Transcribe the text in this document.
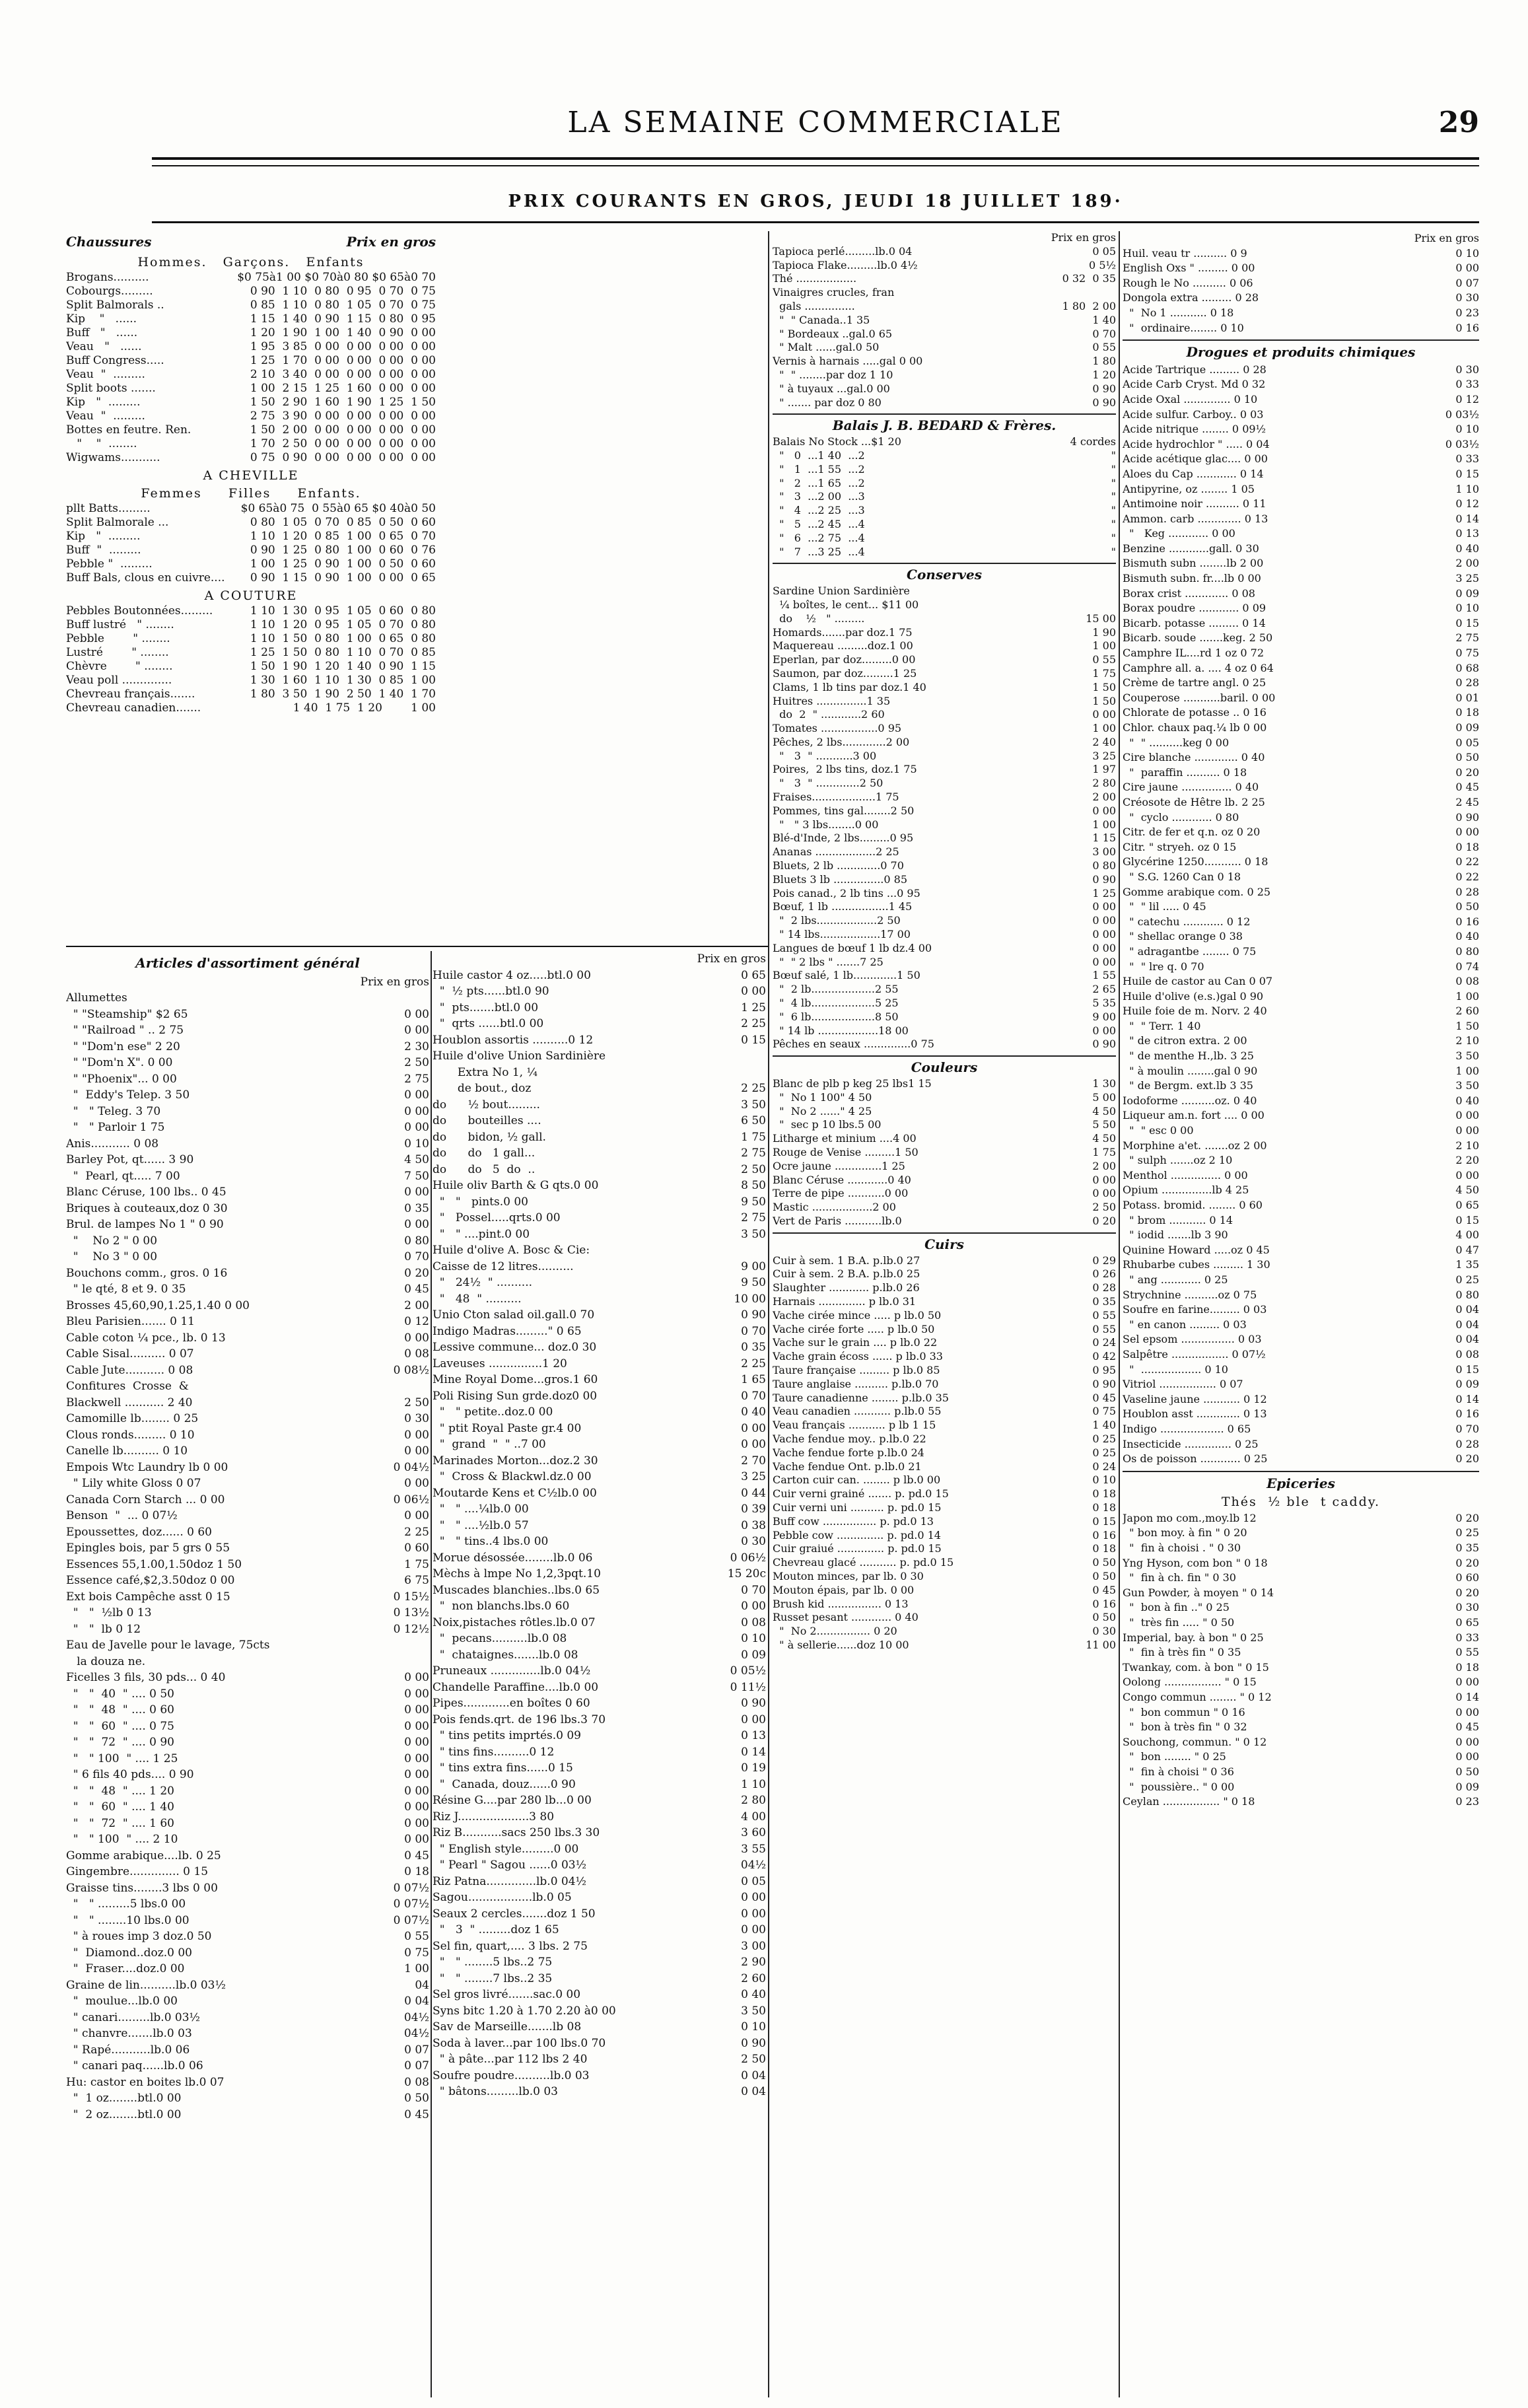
LA SEMAINE COMMERCIALE	29
PRIX COURANTS EN GROS, JEUDI 18 JUILLET 189·
Chaussures	Prix en gros
Hommes.   Garçons.   Enfants
Brogans..........	$0 75à1 00 $0 70à0 80 $0 65à0 70
Cobourgs.........	0 90  1 10  0 80  0 95  0 70  0 75
Split Balmorals ..	0 85  1 10  0 80  1 05  0 70  0 75
Kip    "   ......	1 15  1 40  0 90  1 15  0 80  0 95
Buff   "   ......	1 20  1 90  1 00  1 40  0 90  0 00
Veau   "   ......	1 95  3 85  0 00  0 00  0 00  0 00
Buff Congress.....	1 25  1 70  0 00  0 00  0 00  0 00
Veau  "  .........	2 10  3 40  0 00  0 00  0 00  0 00
Split boots .......	1 00  2 15  1 25  1 60  0 00  0 00
Kip   "  .........	1 50  2 90  1 60  1 90  1 25  1 50
Veau  "  .........	2 75  3 90  0 00  0 00  0 00  0 00
Bottes en feutre. Ren.	1 50  2 00  0 00  0 00  0 00  0 00
"    "  ........	1 70  2 50  0 00  0 00  0 00  0 00
Wigwams...........	0 75  0 90  0 00  0 00  0 00  0 00
A CHEVILLE
Femmes     Filles     Enfants.
pllt Batts.........	$0 65à0 75  0 55à0 65 $0 40à0 50
Split Balmorale ...	0 80  1 05  0 70  0 85  0 50  0 60
Kip   "  .........	1 10  1 20  0 85  1 00  0 65  0 70
Buff  "  .........	0 90  1 25  0 80  1 00  0 60  0 76
Pebble "  .........	1 00  1 25  0 90  1 00  0 50  0 60
Buff Bals, clous en cuivre.... 0 90  1 15  0 90  1 00  0 00  0 65
A COUTURE
Pebbles Boutonnées.........	1 10  1 30  0 95  1 05  0 60  0 80
Buff lustré   " ........	1 10  1 20  0 95  1 05  0 70  0 80
Pebble        " ........	1 10  1 50  0 80  1 00  0 65  0 80
Lustré        " ........	1 25  1 50  0 80  1 10  0 70  0 85
Chèvre        " ........	1 50  1 90  1 20  1 40  0 90  1 15
Veau poll ..............	1 30  1 60  1 10  1 30  0 85  1 00
Chevreau français.......	1 80  3 50  1 90  2 50  1 40  1 70
Chevreau canadien.......	1 40  1 75  1 20        1 00
Articles d'assortiment général
Prix en gros
Allumettes
" "Steamship" $2 65	0 00
" "Railroad " .. 2 75	0 00
" "Dom'n ese" 2 20	2 30
" "Dom'n X". 0 00	2 50
" "Phoenix"... 0 00	2 75
"  Eddy's Telep. 3 50	0 00
"   " Teleg. 3 70	0 00
"   " Parloir 1 75	0 00
Anis........... 0 08	0 10
Barley Pot, qt...... 3 90	4 50
"  Pearl, qt..... 7 00	7 50
Blanc Céruse, 100 lbs.. 0 45	0 00
Briques à couteaux,doz 0 30	0 35
Brul. de lampes No 1 " 0 90	0 00
"    No 2 " 0 00	0 80
"    No 3 " 0 00	0 70
Bouchons comm., gros. 0 16	0 20
" le qté, 8 et 9. 0 35	0 45
Brosses 45,60,90,1.25,1.40 0 00	2 00
Bleu Parisien....... 0 11	0 12
Cable coton ¼ pce., lb. 0 13	0 00
Cable Sisal.......... 0 07	0 08
Cable Jute........... 0 08	0 08½
Confitures  Crosse  &
Blackwell ........... 2 40	2 50
Camomille lb........ 0 25	0 30
Clous ronds......... 0 10	0 00
Canelle lb.......... 0 10	0 00
Empois Wtc Laundry lb 0 00	0 04½
" Lily white Gloss 0 07	0 00
Canada Corn Starch ... 0 00	0 06½
Benson  "  ... 0 07½	0 00
Epoussettes, doz...... 0 60	2 25
Epingles bois, par 5 grs 0 55	0 60
Essences 55,1.00,1.50doz 1 50	1 75
Essence café,$2,3.50doz 0 00	6 75
Ext bois Campêche asst 0 15	0 15½
"   "  ½lb 0 13	0 13½
"   "  lb 0 12	0 12½
Eau de Javelle pour le lavage, 75cts
la douza ne.
Ficelles 3 fils, 30 pds... 0 40	0 00
"   "  40  " .... 0 50	0 00
"   "  48  " .... 0 60	0 00
"   "  60  " .... 0 75	0 00
"   "  72  " .... 0 90	0 00
"   " 100  " .... 1 25	0 00
" 6 fils 40 pds.... 0 90	0 00
"   "  48  " .... 1 20	0 00
"   "  60  " .... 1 40	0 00
"   "  72  " .... 1 60	0 00
"   " 100  " .... 2 10	0 00
Gomme arabique....lb. 0 25	0 45
Gingembre.............. 0 15	0 18
Graisse tins........3 lbs 0 00	0 07½
"   " .........5 lbs.0 00	0 07½
"   " ........10 lbs.0 00	0 07½
" à roues imp 3 doz.0 50	0 55
"  Diamond..doz.0 00	0 75
"  Fraser....doz.0 00	1 00
Graine de lin..........lb.0 03½	04
"  moulue...lb.0 00	0 04
" canari.........lb.0 03½	04½
" chanvre.......lb.0 03	04½
" Rapé...........lb.0 06	0 07
" canari paq......lb.0 06	0 07
Hu: castor en boites lb.0 07	0 08
"  1 oz........btl.0 00	0 50
"  2 oz........btl.0 00	0 45
Prix en gros
Huile castor 4 oz.....btl.0 00	0 65
"  ½ pts......btl.0 90	0 00
"  pts.......btl.0 00	1 25
"  qrts ......btl.0 00	2 25
Houblon assortis ..........0 12	0 15
Huile d'olive Union Sardinière
Extra No 1, ¼
de bout., doz	2 25
do      ½ bout.........	3 50
do      bouteilles ....	6 50
do      bidon, ½ gall.	1 75
do      do   1 gall...	2 75
do      do   5  do  ..	2 50
Huile oliv Barth & G qts.0 00	8 50
"   "   pints.0 00	9 50
"   Possel.....qrts.0 00	2 75
"   " ....pint.0 00	3 50
Huile d'olive A. Bosc & Cie:
Caisse de 12 litres..........	9 00
"   24½  " ..........	9 50
"   48  " ..........	10 00
Unio Cton salad oil.gall.0 70	0 90
Indigo Madras........." 0 65	0 70
Lessive commune... doz.0 30	0 35
Laveuses ...............1 20	2 25
Mine Royal Dome...gros.1 60	1 65
Poli Rising Sun grde.doz0 00	0 70
"   " petite..doz.0 00	0 40
" ptit Royal Paste gr.4 00	0 00
"  grand  "  " ..7 00	0 00
Marinades Morton...doz.2 30	2 70
"  Cross & Blackwl.dz.0 00	3 25
Moutarde Kens et C½lb.0 00	0 44
"   " ....¼lb.0 00	0 39
"   " ....½lb.0 57	0 38
"   " tins..4 lbs.0 00	0 30
Morue désossée........lb.0 06	0 06½
Mèchs à lmpe No 1,2,3pqt.10	15 20c
Muscades blanchies..lbs.0 65	0 70
"  non blanchs.lbs.0 60	0 00
Noix,pistaches rôtles.lb.0 07	0 08
"  pecans..........lb.0 08	0 10
"  chataignes.......lb.0 08	0 09
Pruneaux ..............lb.0 04½	0 05½
Chandelle Paraffine....lb.0 00	0 11½
Pipes.............en boîtes 0 60	0 90
Pois fends.qrt. de 196 lbs.3 70	0 00
" tins petits imprtés.0 09	0 13
" tins fins..........0 12	0 14
" tins extra fins......0 15	0 19
"  Canada, douz......0 90	1 10
Résine G....par 280 lb...0 00	2 80
Riz J....................3 80	4 00
Riz B...........sacs 250 lbs.3 30	3 60
" English style.........0 00	3 55
" Pearl " Sagou ......0 03½	04½
Riz Patna..............lb.0 04½	0 05
Sagou..................lb.0 05	0 00
Seaux 2 cercles.......doz 1 50	0 00
"   3  " .........doz 1 65	0 00
Sel fin, quart,.... 3 lbs. 2 75	3 00
"   " ........5 lbs..2 75	2 90
"   " ........7 lbs..2 35	2 60
Sel gros livré.......sac.0 00	0 40
Syns bitc 1.20 à 1.70 2.20 à0 00	3 50
Sav de Marseille.......lb 08	0 10
Soda à laver...par 100 lbs.0 70	0 90
" à pâte...par 112 lbs 2 40	2 50
Soufre poudre..........lb.0 03	0 04
" bâtons.........lb.0 03	0 04
Prix en gros
Tapioca perlé.........lb.0 04	0 05
Tapioca Flake.........lb.0 4½	0 5½
Thé ..................	0 32  0 35
Vinaigres crucles, fran
gals ...............	1 80  2 00
"  " Canada..1 35	1 40
" Bordeaux ..gal.0 65	0 70
" Malt ......gal.0 50	0 55
Vernis à harnais .....gal 0 00	1 80
"  " ........par doz 1 10	1 20
" à tuyaux ...gal.0 00	0 90
" ....... par doz 0 80	0 90
Balais J. B. BEDARD & Frères.
Balais No Stock ...$1 20	4 cordes
"   0  ...1 40  ...2	"
"   1  ...1 55  ...2	"
"   2  ...1 65  ...2	"
"   3  ...2 00  ...3	"
"   4  ...2 25  ...3	"
"   5  ...2 45  ...4	"
"   6  ...2 75  ...4	"
"   7  ...3 25  ...4	"
Conserves
Sardine Union Sardinière
¼ boîtes, le cent... $11 00
do    ½   " .........	15 00
Homards.......par doz.1 75	1 90
Maquereau .........doz.1 00	1 00
Eperlan, par doz.........0 00	0 55
Saumon, par doz.........1 25	1 75
Clams, 1 lb tins par doz.1 40	1 50
Huitres ...............1 35	1 50
do  2  " ............2 60	0 00
Tomates .................0 95	1 00
Pêches, 2 lbs.............2 00	2 40
"   3  " ...........3 00	3 25
Poires,  2 lbs tins, doz.1 75	1 97
"   3  " .............2 50	2 80
Fraises...................1 75	2 00
Pommes, tins gal........2 50	0 00
"   " 3 lbs........0 00	1 00
Blé-d'Inde, 2 lbs.........0 95	1 15
Ananas ..................2 25	3 00
Bluets, 2 lb .............0 70	0 80
Bluets 3 lb ...............0 85	0 90
Pois canad., 2 lb tins ...0 95	1 25
Bœuf, 1 lb .................1 45	0 00
"  2 lbs..................2 50	0 00
" 14 lbs..................17 00	0 00
Langues de bœuf 1 lb dz.4 00	0 00
"  " 2 lbs " .......7 25	0 00
Bœuf salé, 1 lb.............1 50	1 55
"  2 lb...................2 55	2 65
"  4 lb...................5 25	5 35
"  6 lb...................8 50	9 00
" 14 lb ..................18 00	0 00
Pêches en seaux ..............0 75	0 90
Couleurs
Blanc de plb p keg 25 lbs1 15	1 30
"  No 1 100" 4 50	5 00
"  No 2 ......" 4 25	4 50
"  sec p 10 lbs.5 00	5 50
Litharge et minium ....4 00	4 50
Rouge de Venise .........1 50	1 75
Ocre jaune ..............1 25	2 00
Blanc Céruse ............0 40	0 00
Terre de pipe ...........0 00	0 00
Mastic ..................2 00	2 50
Vert de Paris ...........lb.0	0 20
Cuirs
Cuir à sem. 1 B.A. p.lb.0 27	0 29
Cuir à sem. 2 B.A. p.lb.0 25	0 26
Slaughter ............ p.lb.0 26	0 28
Harnais .............. p lb.0 31	0 35
Vache cirée mince ..... p lb.0 50	0 55
Vache cirée forte ..... p lb.0 50	0 55
Vache sur le grain .... p lb.0 22	0 24
Vache grain écoss ...... p lb.0 33	0 42
Taure française ......... p lb.0 85	0 95
Taure anglaise .......... p.lb.0 70	0 90
Taure canadienne ........ p.lb.0 35	0 45
Veau canadien ........... p.lb.0 55	0 75
Veau français ........... p lb 1 15	1 40
Vache fendue moy.. p.lb.0 22	0 25
Vache fendue forte p.lb.0 24	0 25
Vache fendue Ont. p.lb.0 21	0 24
Carton cuir can. ........ p lb.0 00	0 10
Cuir verni grainé ....... p. pd.0 15	0 18
Cuir verni uni .......... p. pd.0 15	0 18
Buff cow ................ p. pd.0 13	0 15
Pebble cow .............. p. pd.0 14	0 16
Cuir graiué .............. p. pd.0 15	0 18
Chevreau glacé ........... p. pd.0 15	0 50
Mouton minces, par lb. 0 30	0 50
Mouton épais, par lb. 0 00	0 45
Brush kid ................ 0 13	0 16
Russet pesant ............ 0 40	0 50
"  No 2................ 0 20	0 30
" à sellerie......doz 10 00	11 00
Prix en gros
Huil. veau tr .......... 0 9	0 10
English Oxs " ......... 0 00	0 00
Rough le No .......... 0 06	0 07
Dongola extra ......... 0 28	0 30
"  No 1 ........... 0 18	0 23
"  ordinaire........ 0 10	0 16
Drogues et produits chimiques
Acide Tartrique ......... 0 28	0 30
Acide Carb Cryst. Md 0 32	0 33
Acide Oxal .............. 0 10	0 12
Acide sulfur. Carboy.. 0 03	0 03½
Acide nitrique ........ 0 09½	0 10
Acide hydrochlor " ..... 0 04	0 03½
Acide acétique glac.... 0 00	0 33
Aloes du Cap ............ 0 14	0 15
Antipyrine, oz ........ 1 05	1 10
Antimoine noir .......... 0 11	0 12
Ammon. carb ............. 0 13	0 14
"   Keg ............ 0 00	0 13
Benzine ............gall. 0 30	0 40
Bismuth subn ........lb 2 00	2 00
Bismuth subn. fr....lb 0 00	3 25
Borax crist ............. 0 08	0 09
Borax poudre ............ 0 09	0 10
Bicarb. potasse ......... 0 14	0 15
Bicarb. soude .......keg. 2 50	2 75
Camphre IL....rd 1 oz 0 72	0 75
Camphre all. a. .... 4 oz 0 64	0 68
Crème de tartre angl. 0 25	0 28
Couperose ...........baril. 0 00	0 01
Chlorate de potasse .. 0 16	0 18
Chlor. chaux paq.¼ lb 0 00	0 09
"  " ..........keg 0 00	0 05
Cire blanche ............. 0 40	0 50
"  paraffin .......... 0 18	0 20
Cire jaune ............... 0 40	0 45
Créosote de Hêtre lb. 2 25	2 45
"  cyclo ............ 0 80	0 90
Citr. de fer et q.n. oz 0 20	0 00
Citr. " stryeh. oz 0 15	0 18
Glycérine 1250........... 0 18	0 22
" S.G. 1260 Can 0 18	0 22
Gomme arabique com. 0 25	0 28
"  " lil ..... 0 45	0 50
" catechu ............ 0 12	0 16
" shellac orange 0 38	0 40
" adragantbe ........ 0 75	0 80
"  " lre q. 0 70	0 74
Huile de castor au Can 0 07	0 08
Huile d'olive (e.s.)gal 0 90	1 00
Huile foie de m. Norv. 2 40	2 60
"  " Terr. 1 40	1 50
" de citron extra. 2 00	2 10
" de menthe H.,lb. 3 25	3 50
" à moulin ........gal 0 90	1 00
" de Bergm. ext.lb 3 35	3 50
Iodoforme ..........oz. 0 40	0 40
Liqueur am.n. fort .... 0 00	0 00
"  " esc 0 00	0 00
Morphine a'et. .......oz 2 00	2 10
" sulph .......oz 2 10	2 20
Menthol ............... 0 00	0 00
Opium ...............lb 4 25	4 50
Potass. bromid. ........ 0 60	0 65
" brom ........... 0 14	0 15
" iodid .......lb 3 90	4 00
Quinine Howard .....oz 0 45	0 47
Rhubarbe cubes ......... 1 30	1 35
" ang ............ 0 25	0 25
Strychnine ..........oz 0 75	0 80
Soufre en farine......... 0 03	0 04
" en canon ......... 0 03	0 04
Sel epsom ................ 0 03	0 04
Salpêtre ................. 0 07½	0 08
"  .................. 0 10	0 15
Vitriol ................. 0 07	0 09
Vaseline jaune ........... 0 12	0 14
Houblon asst ............. 0 13	0 16
Indigo ................... 0 65	0 70
Insecticide .............. 0 25	0 28
Os de poisson ............ 0 25	0 20
Epiceries
Thés  ½ ble  t caddy.
Japon mo com.,moy.lb 12	0 20
" bon moy. à fin " 0 20	0 25
"  fin à choisi . " 0 30	0 35
Yng Hyson, com bon " 0 18	0 20
"  fin à ch. fin " 0 30	0 60
Gun Powder, à moyen " 0 14	0 20
"  bon à fin .." 0 25	0 30
"  très fin ..... " 0 50	0 65
Imperial, bay. à bon " 0 25	0 33
"  fin à très fin " 0 35	0 55
Twankay, com. à bon " 0 15	0 18
Oolong ................. " 0 15	0 00
Congo commun ........ " 0 12	0 14
"  bon commun " 0 16	0 00
"  bon à très fin " 0 32	0 45
Souchong, commun. " 0 12	0 00
"  bon ........ " 0 25	0 00
"  fin à choisi " 0 36	0 50
"  poussière.. " 0 00	0 09
Ceylan ................. " 0 18	0 23
